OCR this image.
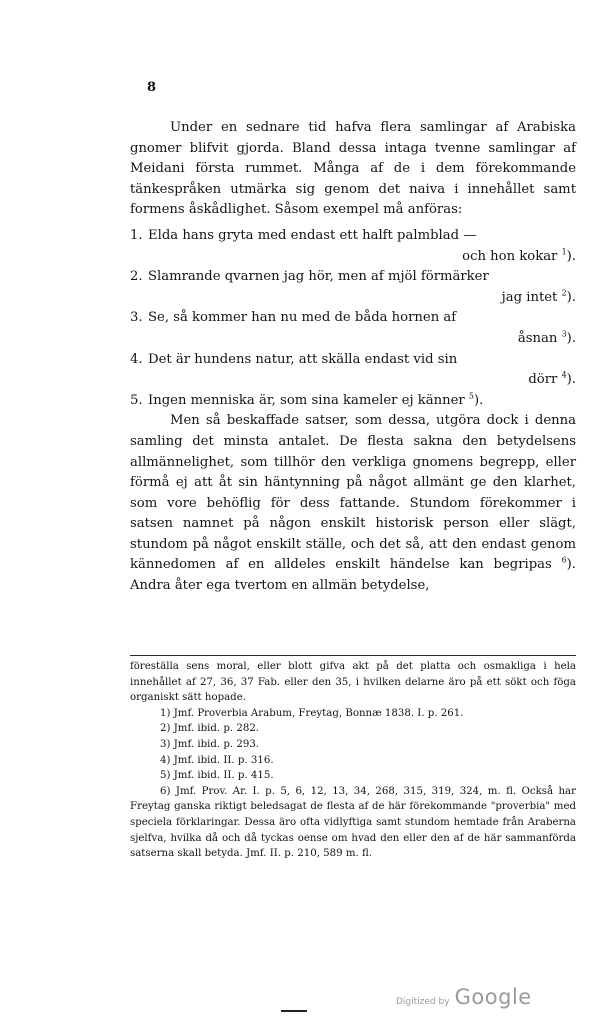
8

Under en sednare tid hafva flera samlingar af Arabiska gnomer blifvit gjorda. Bland dessa intaga tvenne samlingar af Meidani första rummet. Många af de i dem förekommande tänkespråken utmärka sig genom det naiva i innehållet samt formens åskådlighet. Såsom exempel må anföras:

1. Elda hans gryta med endast ett halft palmblad —
och hon kokar $^1$).
2. Slamrande qvarnen jag hör, men af mjöl förmärker
jag intet $^2$).
3. Se, så kommer han nu med de båda hornen af
åsnan $^3$).
4. Det är hundens natur, att skälla endast vid sin
dörr $^4$).
5. Ingen menniska är, som sina kameler ej känner $^5$).

Men så beskaffade satser, som dessa, utgöra dock i denna samling det minsta antalet. De flesta sakna den betydelsens allmännelighet, som tillhör den verkliga gnomens begrepp, eller förmå ej att åt sin häntynning på något allmänt ge den klarhet, som vore behöflig för dess fattande. Stundom förekommer i satsen namnet på någon enskilt historisk person eller slägt, stundom på något enskilt ställe, och det så, att den endast genom kännedomen af en alldeles enskilt händelse kan begripas $^6$). Andra åter ega tvertom en allmän betydelse,

föreställa sens moral, eller blott gifva akt på det platta och osmakliga i hela innehållet af 27, 36, 37 Fab. eller den 35, i hvilken delarne äro på ett sökt och föga organiskt sätt hopade.

1) Jmf. Proverbia Arabum, Freytag, Bonnæ 1838. I. p. 261.

2) Jmf. ibid. p. 282.

3) Jmf. ibid. p. 293.

4) Jmf. ibid. II. p. 316.

5) Jmf. ibid. II. p. 415.

6) Jmf. Prov. Ar. I. p. 5, 6, 12, 13, 34, 268, 315, 319, 324, m. fl. Också har Freytag ganska riktigt beledsagat de flesta af de här förekommande "proverbia" med speciela förklaringar. Dessa äro ofta vidlyftiga samt stundom hemtade från Araberna sjelfva, hvilka då och då tyckas oense om hvad den eller den af de här sammanförda satserna skall betyda. Jmf. II. p. 210, 589 m. fl.

Digitized by Google
